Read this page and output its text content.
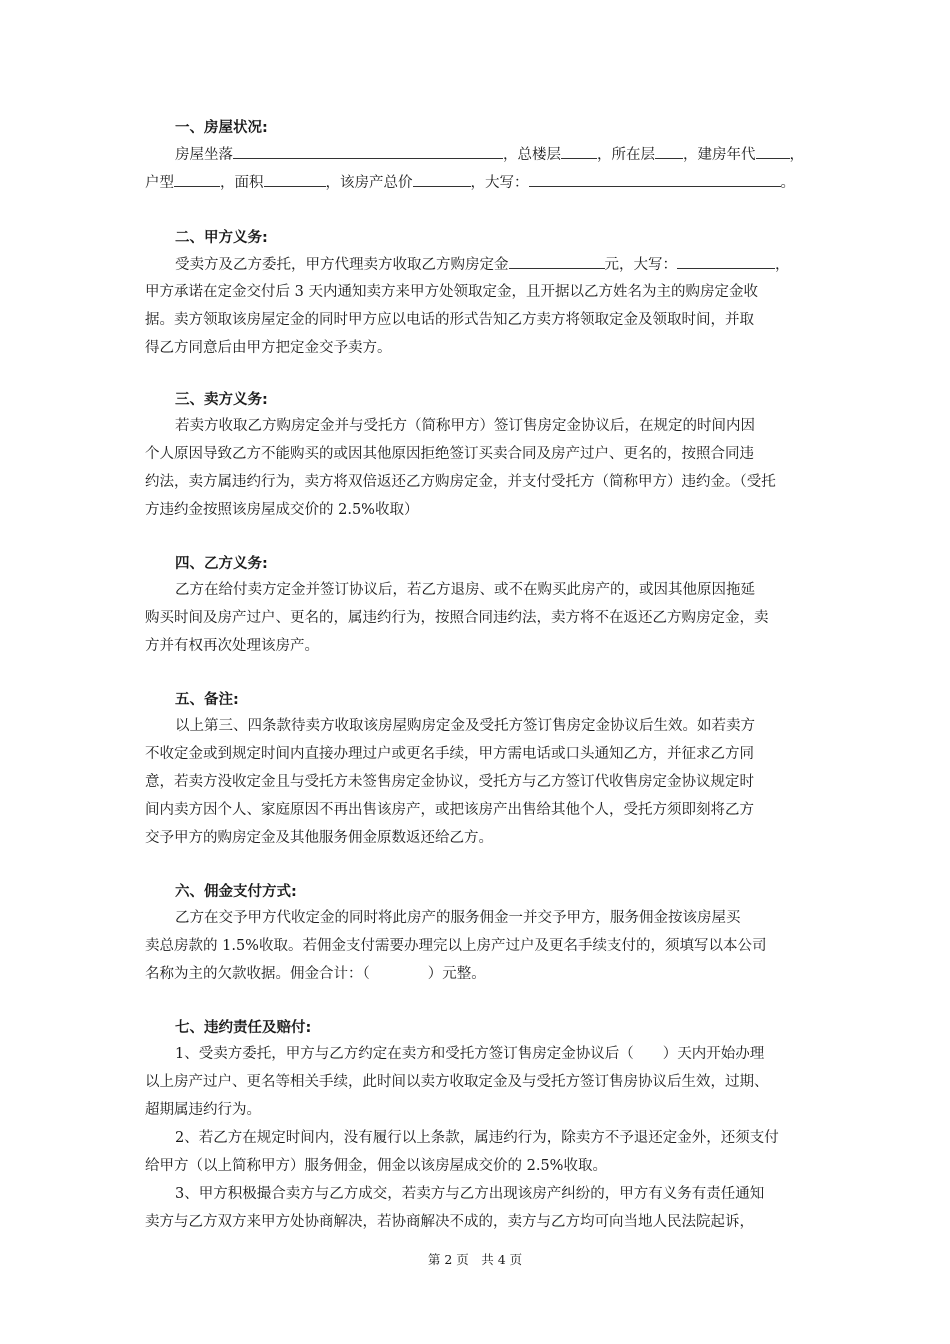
一、房屋状况:
房屋坐落	，总楼层 ，所在层 ，建房年代 ，
户型	，面积	，该房产总价	，大写：	。
二、甲方义务:
受卖方及乙方委托，甲方代理卖方收取乙方购房定金	元，大写：	，
甲方承诺在定金交付后 3 天内通知卖方来甲方处领取定金，且开据以乙方姓名为主的购房定金收
据。卖方领取该房屋定金的同时甲方应以电话的形式告知乙方卖方将领取定金及领取时间，并取
得乙方同意后由甲方把定金交予卖方。
三、卖方义务:
若卖方收取乙方购房定金并与受托方（简称甲方）签订售房定金协议后，在规定的时间内因
个人原因导致乙方不能购买的或因其他原因拒绝签订买卖合同及房产过户、更名的，按照合同违
约法，卖方属违约行为，卖方将双倍返还乙方购房定金，并支付受托方（简称甲方）违约金。（受托
方违约金按照该房屋成交价的 2.5%收取）
四、乙方义务:
乙方在给付卖方定金并签订协议后，若乙方退房、或不在购买此房产的，或因其他原因拖延
购买时间及房产过户、更名的，属违约行为，按照合同违约法，卖方将不在返还乙方购房定金，卖
方并有权再次处理该房产。
五、备注:
以上第三、四条款待卖方收取该房屋购房定金及受托方签订售房定金协议后生效。如若卖方
不收定金或到规定时间内直接办理过户或更名手续，甲方需电话或口头通知乙方，并征求乙方同
意，若卖方没收定金且与受托方未签售房定金协议，受托方与乙方签订代收售房定金协议规定时
间内卖方因个人、家庭原因不再出售该房产，或把该房产出售给其他个人，受托方须即刻将乙方
交予甲方的购房定金及其他服务佣金原数返还给乙方。
六、佣金支付方式:
乙方在交予甲方代收定金的同时将此房产的服务佣金一并交予甲方，服务佣金按该房屋买
卖总房款的 1.5%收取。若佣金支付需要办理完以上房产过户及更名手续支付的，须填写以本公司
名称为主的欠款收据。佣金合计：（　　　　）元整。
七、违约责任及赔付:
1、受卖方委托，甲方与乙方约定在卖方和受托方签订售房定金协议后（　　）天内开始办理
以上房产过户、更名等相关手续，此时间以卖方收取定金及与受托方签订售房协议后生效，过期、
超期属违约行为。
2、若乙方在规定时间内，没有履行以上条款，属违约行为，除卖方不予退还定金外，还须支付
给甲方（以上简称甲方）服务佣金，佣金以该房屋成交价的 2.5%收取。
3、甲方积极撮合卖方与乙方成交，若卖方与乙方出现该房产纠纷的，甲方有义务有责任通知
卖方与乙方双方来甲方处协商解决，若协商解决不成的，卖方与乙方均可向当地人民法院起诉，
第 2 页　共 4 页
